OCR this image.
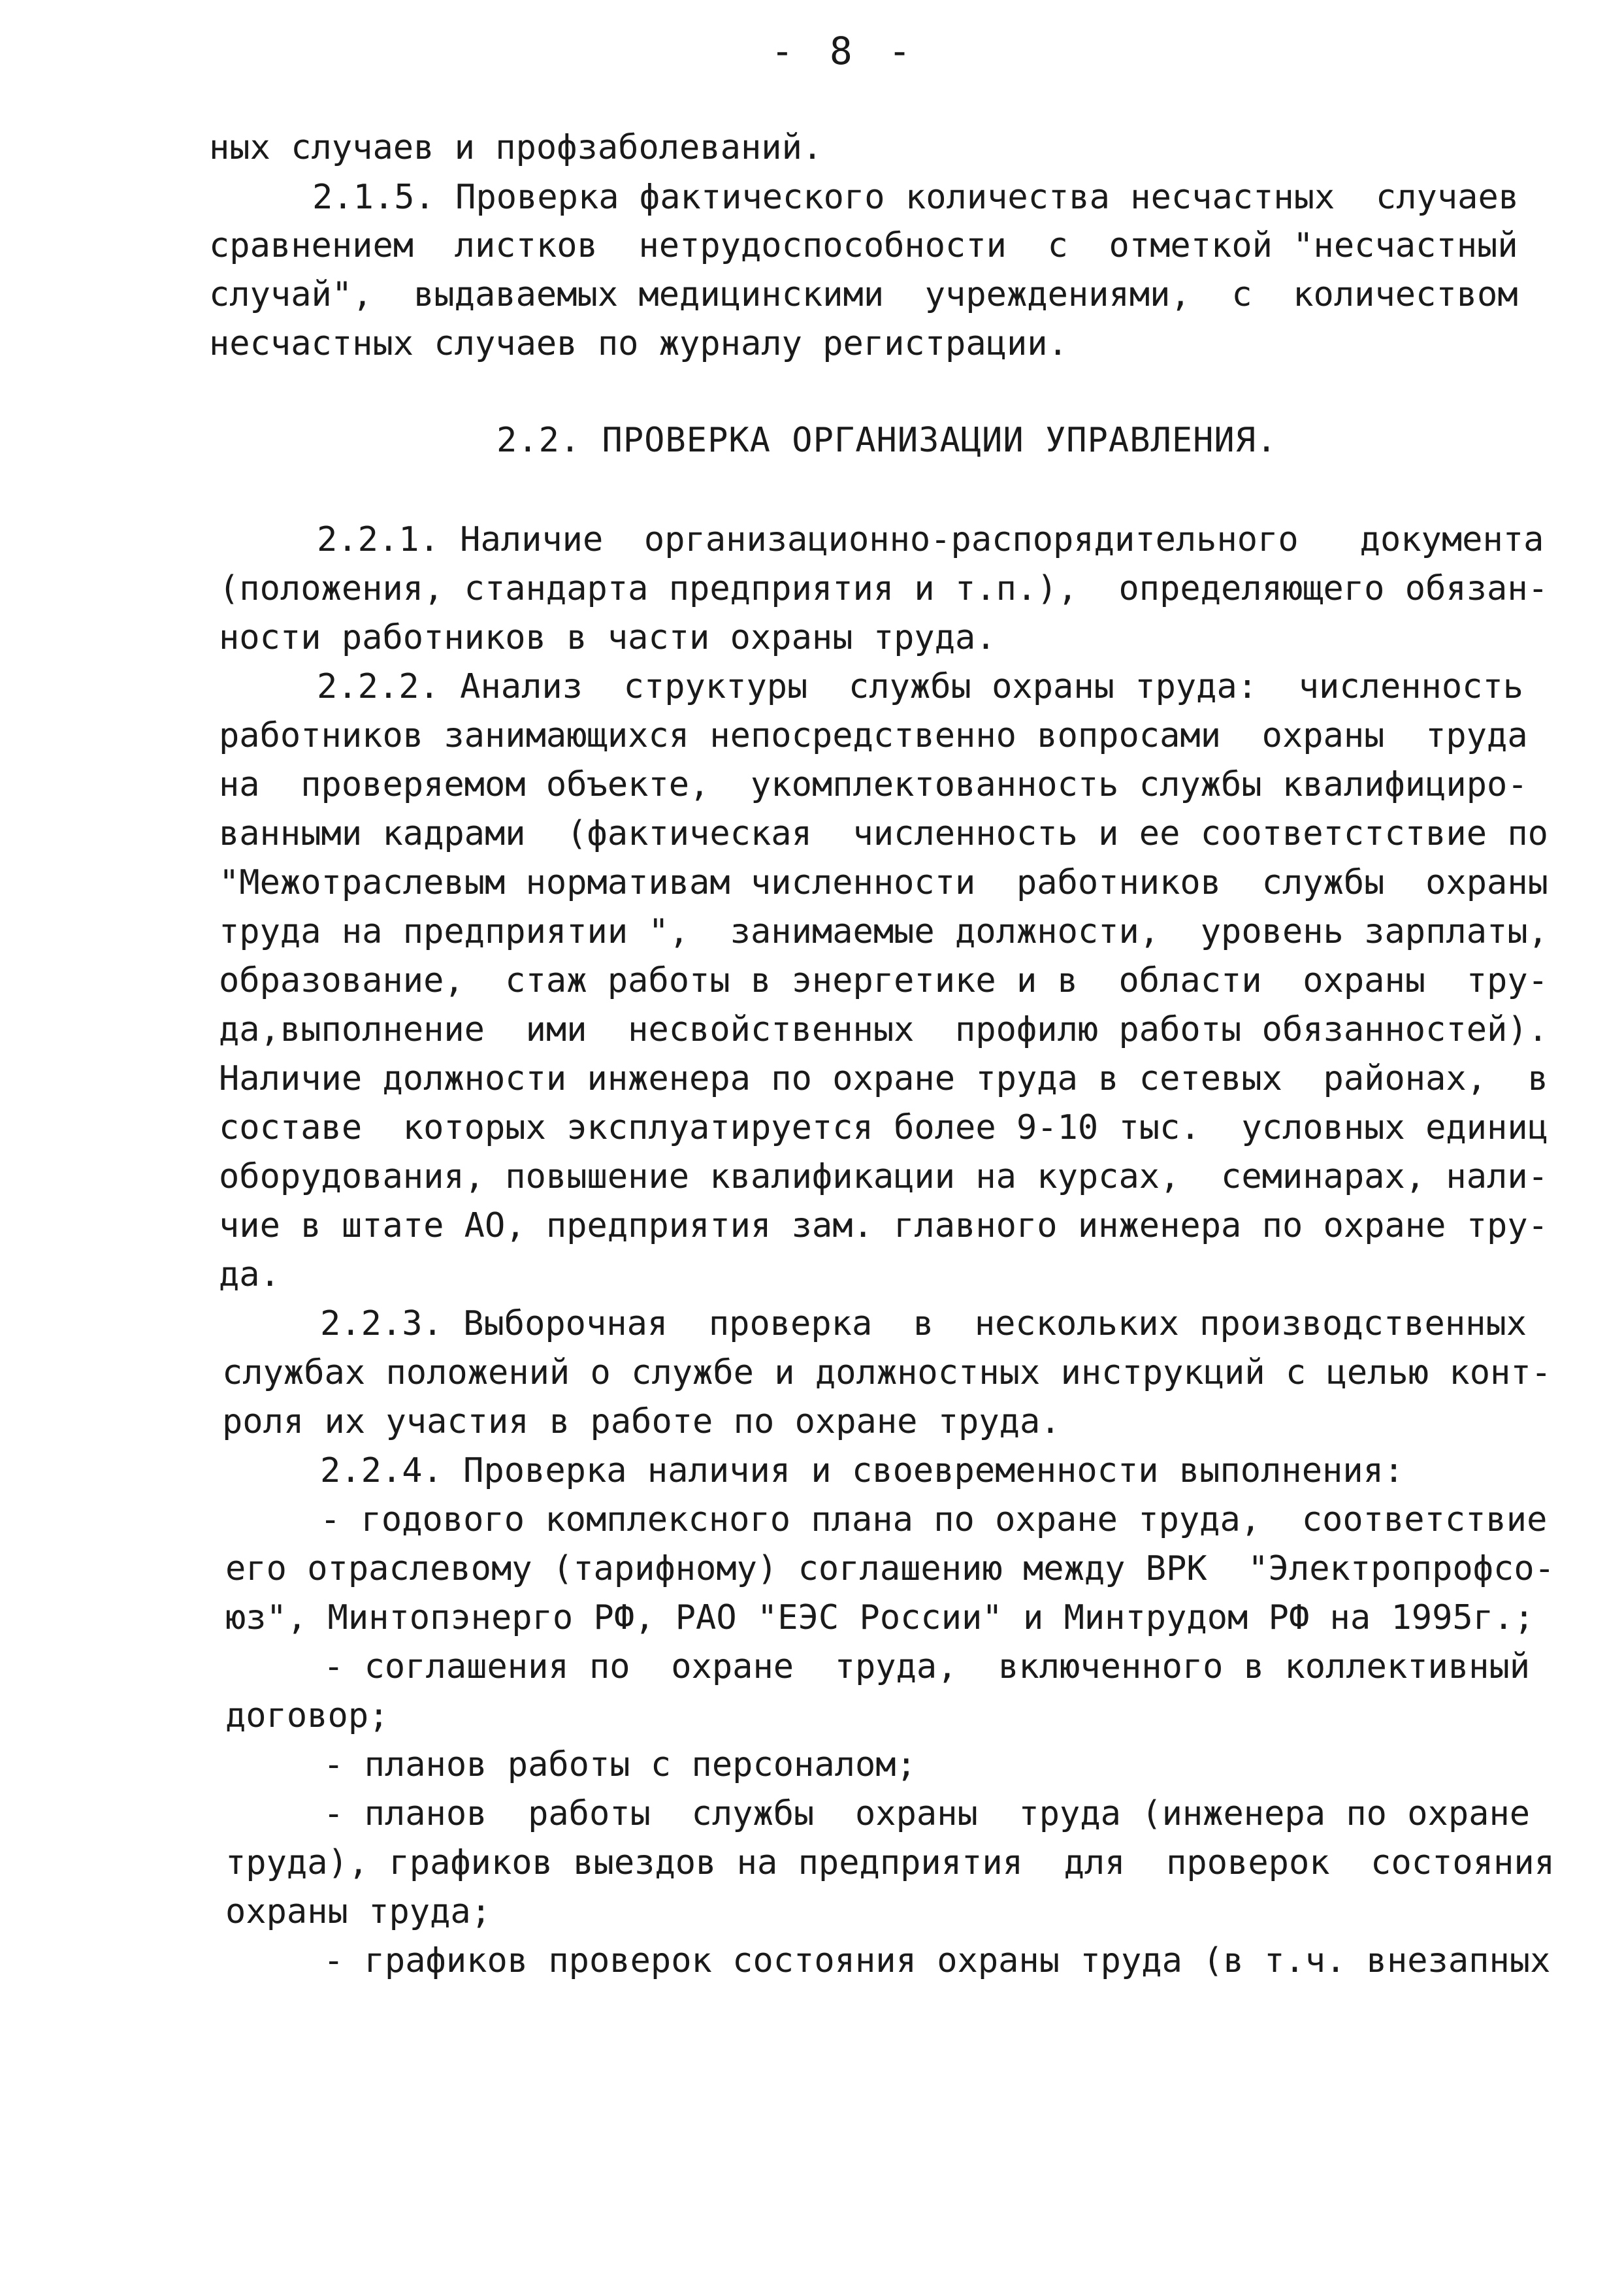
- 8 -
ных случаев и профзаболеваний.
2.1.5. Проверка фактического количества несчастных  случаев
сравнением  листков  нетрудоспособности  с  отметкой "несчастный
случай",  выдаваемых медицинскими  учреждениями,  с  количеством
несчастных случаев по журналу регистрации.
2.2. ПРОВЕРКА ОРГАНИЗАЦИИ УПРАВЛЕНИЯ.
2.2.1. Наличие  организационно-распорядительного   документа
(положения, стандарта предприятия и т.п.),  определяющего обязан-
ности работников в части охраны труда.
2.2.2. Анализ  структуры  службы охраны труда:  численность
работников занимающихся непосредственно вопросами  охраны  труда
на  проверяемом объекте,  укомплектованность службы квалифициро-
ванными кадрами  (фактическая  численность и ее соответстствие по
"Межотраслевым нормативам численности  работников  службы  охраны
труда на предприятии ",  занимаемые должности,  уровень зарплаты,
образование,  стаж работы в энергетике и в  области  охраны  тру-
да,выполнение  ими  несвойственных  профилю работы обязанностей).
Наличие должности инженера по охране труда в сетевых  районах,  в
составе  которых эксплуатируется более 9-10 тыс.  условных единиц
оборудования, повышение квалификации на курсах,  семинарах, нали-
чие в штате АО, предприятия зам. главного инженера по охране тру-
да.
2.2.3. Выборочная  проверка  в  нескольких производственных
службах положений о службе и должностных инструкций с целью конт-
роля их участия в работе по охране труда.
2.2.4. Проверка наличия и своевременности выполнения:
- годового комплексного плана по охране труда,  соответствие
его отраслевому (тарифному) соглашению между ВРК  "Электропрофсо-
юз", Минтопэнерго РФ, РАО "ЕЭС России" и Минтрудом РФ на 1995г.;
- соглашения по  охране  труда,  включенного в коллективный
договор;
- планов работы с персоналом;
- планов  работы  службы  охраны  труда (инженера по охране
труда), графиков выездов на предприятия  для  проверок  состояния
охраны труда;
- графиков проверок состояния охраны труда (в т.ч. внезапных
